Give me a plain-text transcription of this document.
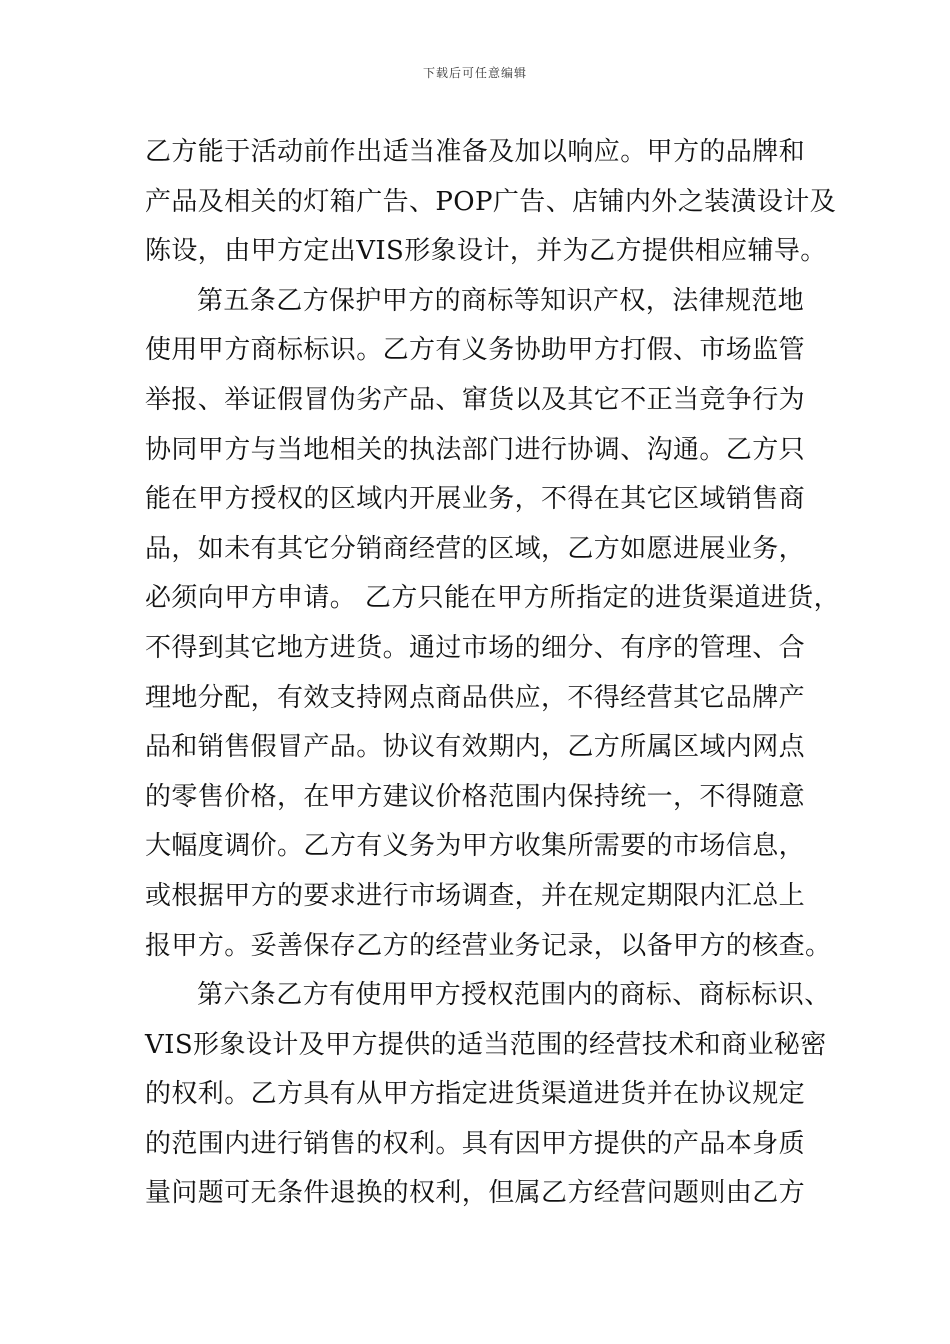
下载后可任意编辑
乙方能于活动前作出适当准备及加以响应。甲方的品牌和
产品及相关的灯箱广告、POP广告、店铺内外之装潢设计及
陈设，由甲方定出VIS形象设计，并为乙方提供相应辅导。
第五条乙方保护甲方的商标等知识产权，法律规范地
使用甲方商标标识。乙方有义务协助甲方打假、市场监管
举报、举证假冒伪劣产品、窜货以及其它不正当竞争行为
协同甲方与当地相关的执法部门进行协调、沟通。乙方只
能在甲方授权的区域内开展业务，不得在其它区域销售商
品，如未有其它分销商经营的区域，乙方如愿进展业务，
必须向甲方申请。 乙方只能在甲方所指定的进货渠道进货，
不得到其它地方进货。通过市场的细分、有序的管理、合
理地分配，有效支持网点商品供应，不得经营其它品牌产
品和销售假冒产品。协议有效期内，乙方所属区域内网点
的零售价格，在甲方建议价格范围内保持统一，不得随意
大幅度调价。乙方有义务为甲方收集所需要的市场信息，
或根据甲方的要求进行市场调查，并在规定期限内汇总上
报甲方。妥善保存乙方的经营业务记录，以备甲方的核查。
第六条乙方有使用甲方授权范围内的商标、商标标识、
VIS形象设计及甲方提供的适当范围的经营技术和商业秘密
的权利。乙方具有从甲方指定进货渠道进货并在协议规定
的范围内进行销售的权利。具有因甲方提供的产品本身质
量问题可无条件退换的权利，但属乙方经营问题则由乙方
